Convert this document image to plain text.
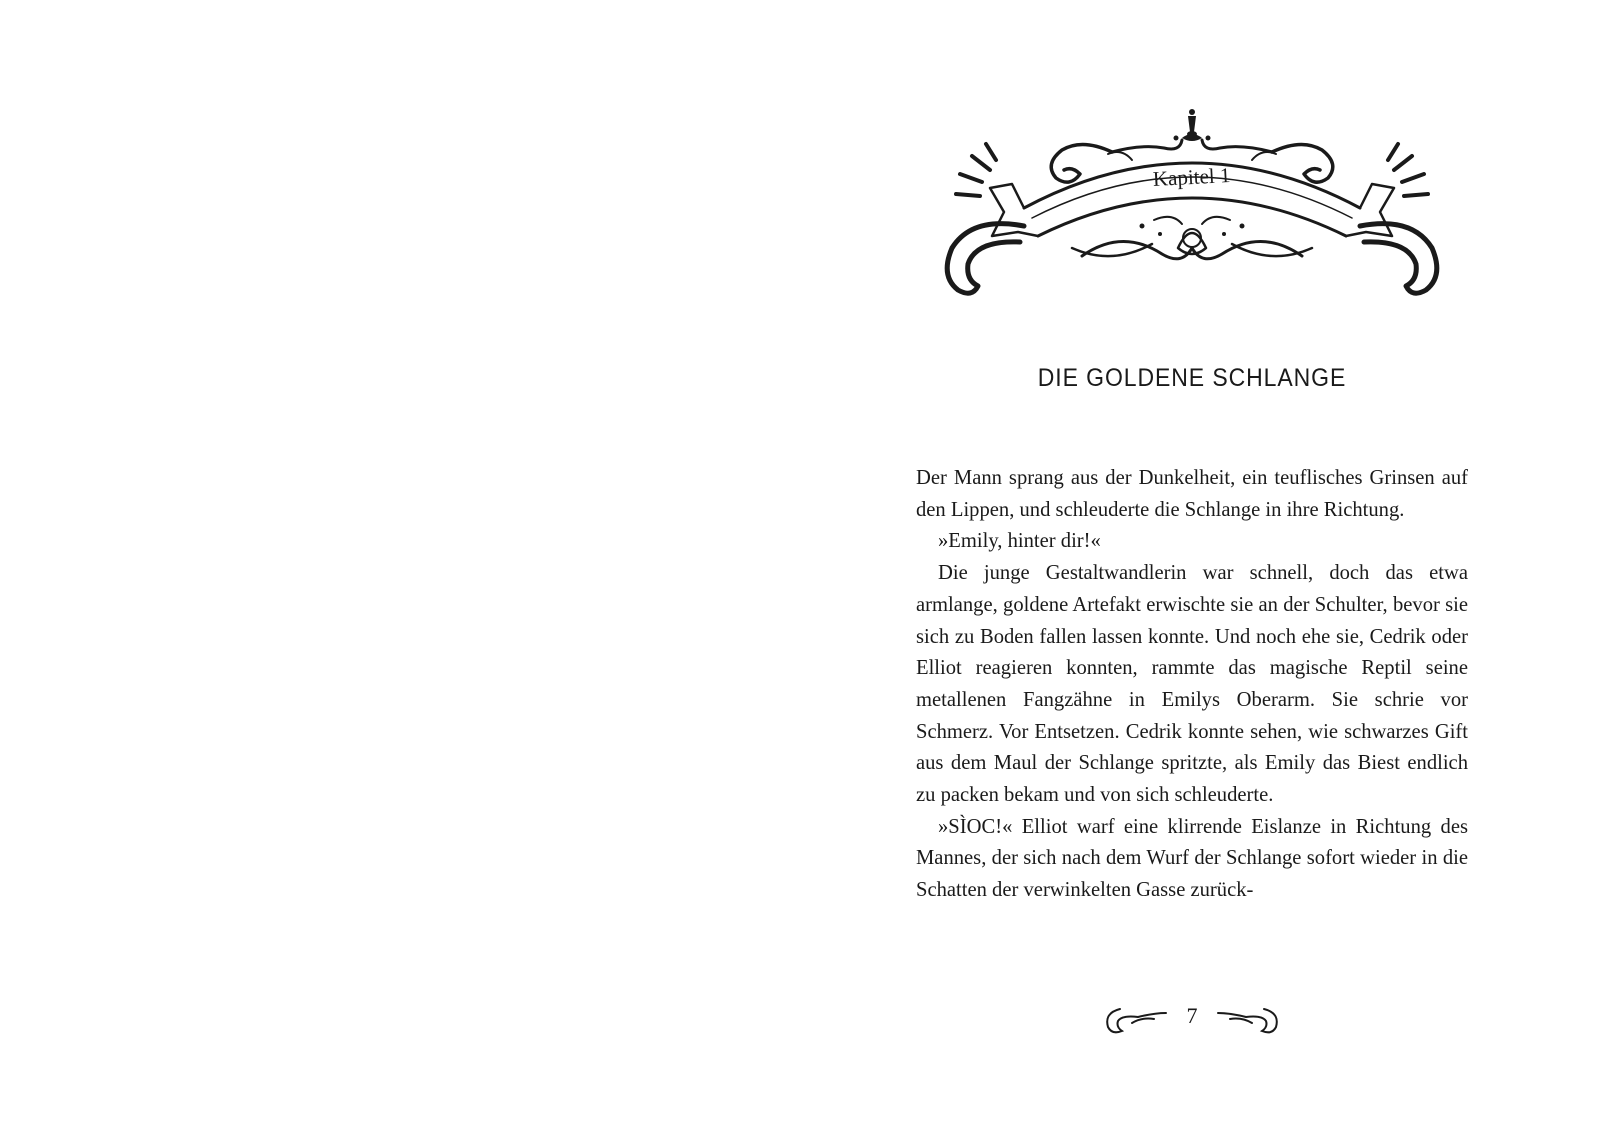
Kapitel 1
DIE GOLDENE SCHLANGE

Der Mann sprang aus der Dunkelheit, ein teuflisches Grinsen auf den Lippen, und schleuderte die Schlange in ihre Richtung.

»Emily, hinter dir!«

Die junge Gestaltwandlerin war schnell, doch das etwa armlange, goldene Artefakt erwischte sie an der Schulter, bevor sie sich zu Boden fallen lassen konnte. Und noch ehe sie, Cedrik oder Elliot reagieren konnten, rammte das magische Reptil seine metallenen Fangzähne in Emilys Oberarm. Sie schrie vor Schmerz. Vor Entsetzen. Cedrik konnte sehen, wie schwarzes Gift aus dem Maul der Schlange spritzte, als Emily das Biest endlich zu packen bekam und von sich schleuderte.

»SÌOC!« Elliot warf eine klirrende Eislanze in Richtung des Mannes, der sich nach dem Wurf der Schlange sofort wieder in die Schatten der verwinkelten Gasse zurück-

7
